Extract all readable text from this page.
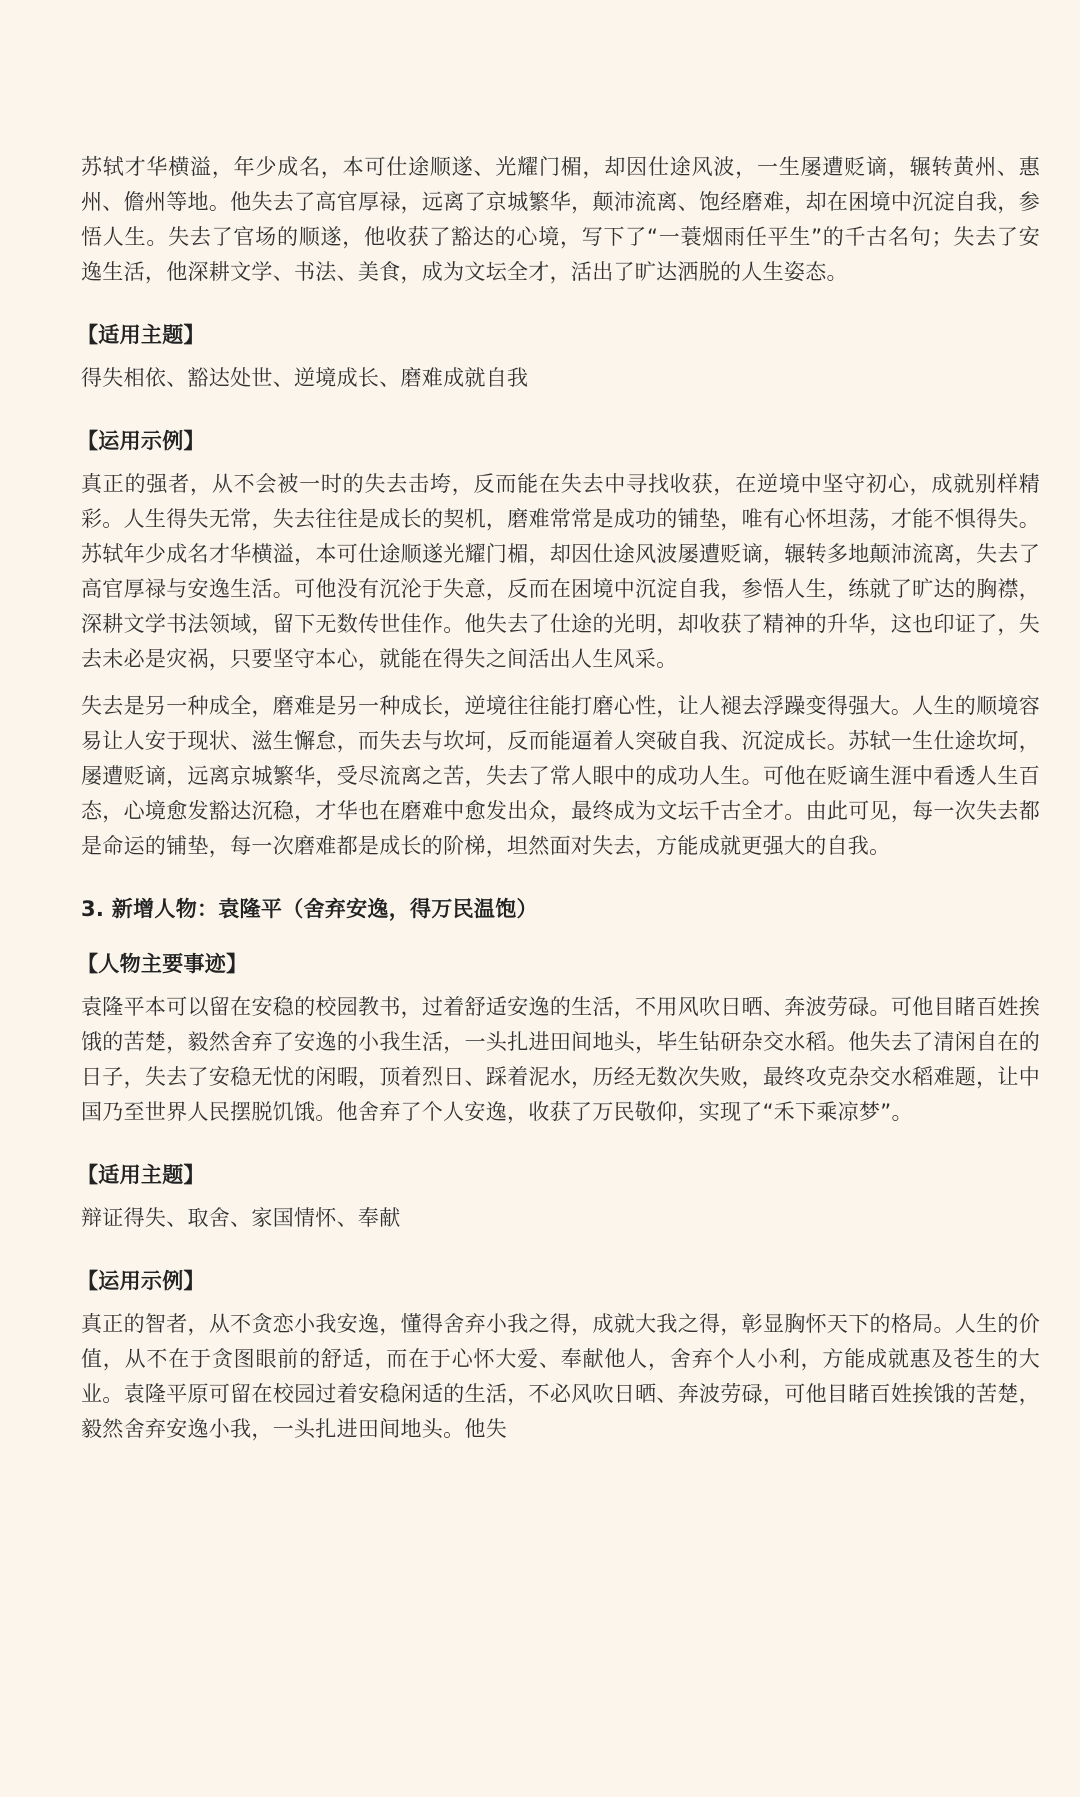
苏轼才华横溢，年少成名，本可仕途顺遂、光耀门楣，却因仕途风波，一生屡遭贬谪，辗转黄州、惠州、儋州等地。他失去了高官厚禄，远离了京城繁华，颠沛流离、饱经磨难，却在困境中沉淀自我，参悟人生。失去了官场的顺遂，他收获了豁达的心境，写下了“一蓑烟雨任平生”的千古名句；失去了安逸生活，他深耕文学、书法、美食，成为文坛全才，活出了旷达洒脱的人生姿态。

【适用主题】

得失相依、豁达处世、逆境成长、磨难成就自我

【运用示例】

真正的强者，从不会被一时的失去击垮，反而能在失去中寻找收获，在逆境中坚守初心，成就别样精彩。人生得失无常，失去往往是成长的契机，磨难常常是成功的铺垫，唯有心怀坦荡，才能不惧得失。苏轼年少成名才华横溢，本可仕途顺遂光耀门楣，却因仕途风波屡遭贬谪，辗转多地颠沛流离，失去了高官厚禄与安逸生活。可他没有沉沦于失意，反而在困境中沉淀自我，参悟人生，练就了旷达的胸襟，深耕文学书法领域，留下无数传世佳作。他失去了仕途的光明，却收获了精神的升华，这也印证了，失去未必是灾祸，只要坚守本心，就能在得失之间活出人生风采。

失去是另一种成全，磨难是另一种成长，逆境往往能打磨心性，让人褪去浮躁变得强大。人生的顺境容易让人安于现状、滋生懈怠，而失去与坎坷，反而能逼着人突破自我、沉淀成长。苏轼一生仕途坎坷，屡遭贬谪，远离京城繁华，受尽流离之苦，失去了常人眼中的成功人生。可他在贬谪生涯中看透人生百态，心境愈发豁达沉稳，才华也在磨难中愈发出众，最终成为文坛千古全才。由此可见，每一次失去都是命运的铺垫，每一次磨难都是成长的阶梯，坦然面对失去，方能成就更强大的自我。

3. 新增人物：袁隆平（舍弃安逸，得万民温饱）
【人物主要事迹】

袁隆平本可以留在安稳的校园教书，过着舒适安逸的生活，不用风吹日晒、奔波劳碌。可他目睹百姓挨饿的苦楚，毅然舍弃了安逸的小我生活，一头扎进田间地头，毕生钻研杂交水稻。他失去了清闲自在的日子，失去了安稳无忧的闲暇，顶着烈日、踩着泥水，历经无数次失败，最终攻克杂交水稻难题，让中国乃至世界人民摆脱饥饿。他舍弃了个人安逸，收获了万民敬仰，实现了“禾下乘凉梦”。

【适用主题】

辩证得失、取舍、家国情怀、奉献

【运用示例】

真正的智者，从不贪恋小我安逸，懂得舍弃小我之得，成就大我之得，彰显胸怀天下的格局。人生的价值，从不在于贪图眼前的舒适，而在于心怀大爱、奉献他人，舍弃个人小利，方能成就惠及苍生的大业。袁隆平原可留在校园过着安稳闲适的生活，不必风吹日晒、奔波劳碌，可他目睹百姓挨饿的苦楚，毅然舍弃安逸小我，一头扎进田间地头。他失
